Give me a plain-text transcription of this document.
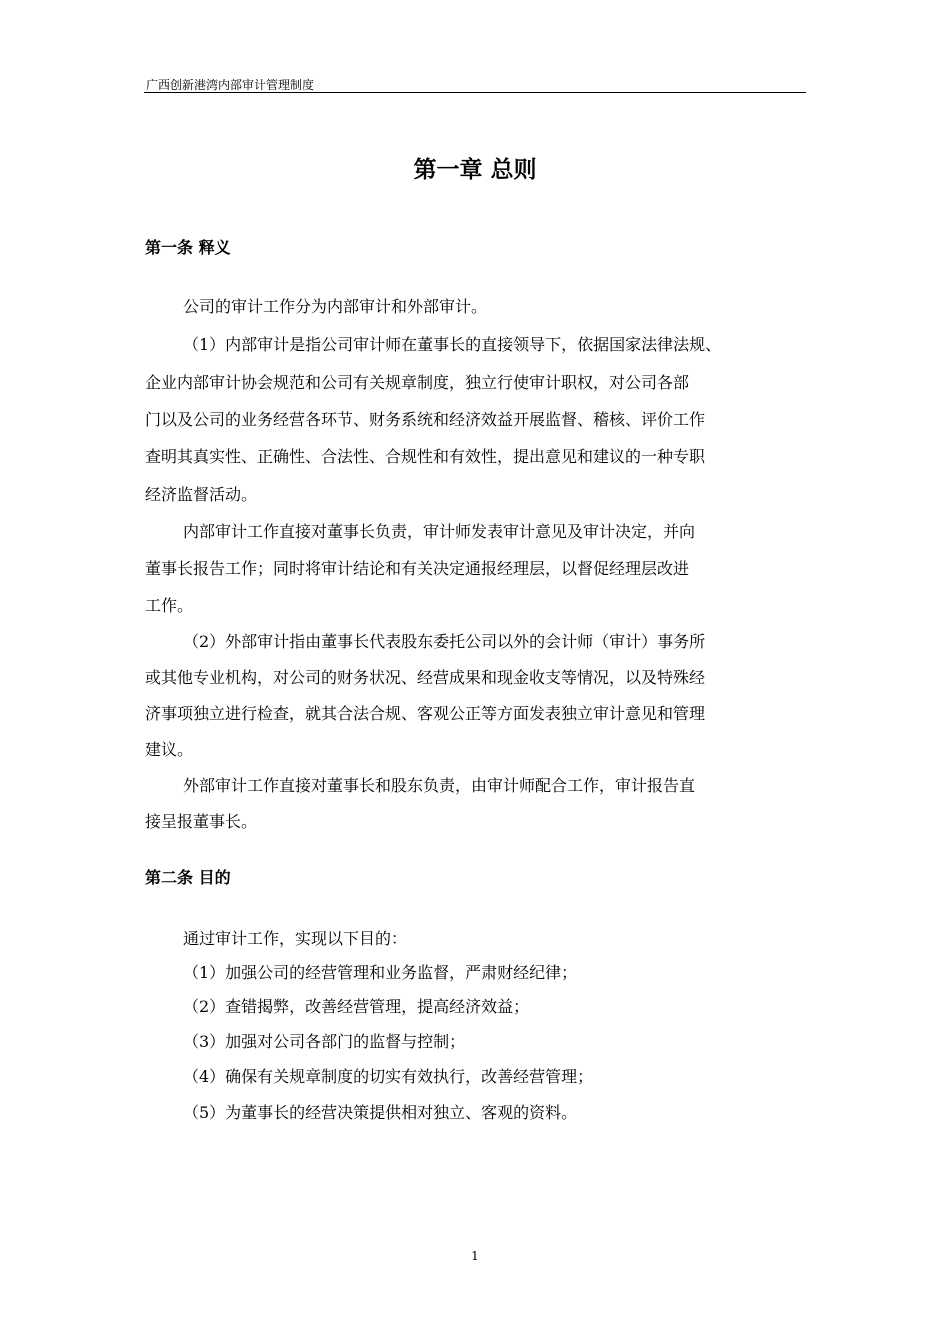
广西创新港湾内部审计管理制度
第一章 总则
第一条 释义
公司的审计工作分为内部审计和外部审计。
（1）内部审计是指公司审计师在董事长的直接领导下，依据国家法律法规、
企业内部审计协会规范和公司有关规章制度，独立行使审计职权，对公司各部
门以及公司的业务经营各环节、财务系统和经济效益开展监督、稽核、评价工作
查明其真实性、正确性、合法性、合规性和有效性，提出意见和建议的一种专职
经济监督活动。
内部审计工作直接对董事长负责，审计师发表审计意见及审计决定，并向
董事长报告工作；同时将审计结论和有关决定通报经理层，以督促经理层改进
工作。
（2）外部审计指由董事长代表股东委托公司以外的会计师（审计）事务所
或其他专业机构，对公司的财务状况、经营成果和现金收支等情况，以及特殊经
济事项独立进行检查，就其合法合规、客观公正等方面发表独立审计意见和管理
建议。
外部审计工作直接对董事长和股东负责，由审计师配合工作，审计报告直
接呈报董事长。
第二条 目的
通过审计工作，实现以下目的：
（1）加强公司的经营管理和业务监督，严肃财经纪律；
（2）查错揭弊，改善经营管理，提高经济效益；
（3）加强对公司各部门的监督与控制；
（4）确保有关规章制度的切实有效执行，改善经营管理；
（5）为董事长的经营决策提供相对独立、客观的资料。
1
